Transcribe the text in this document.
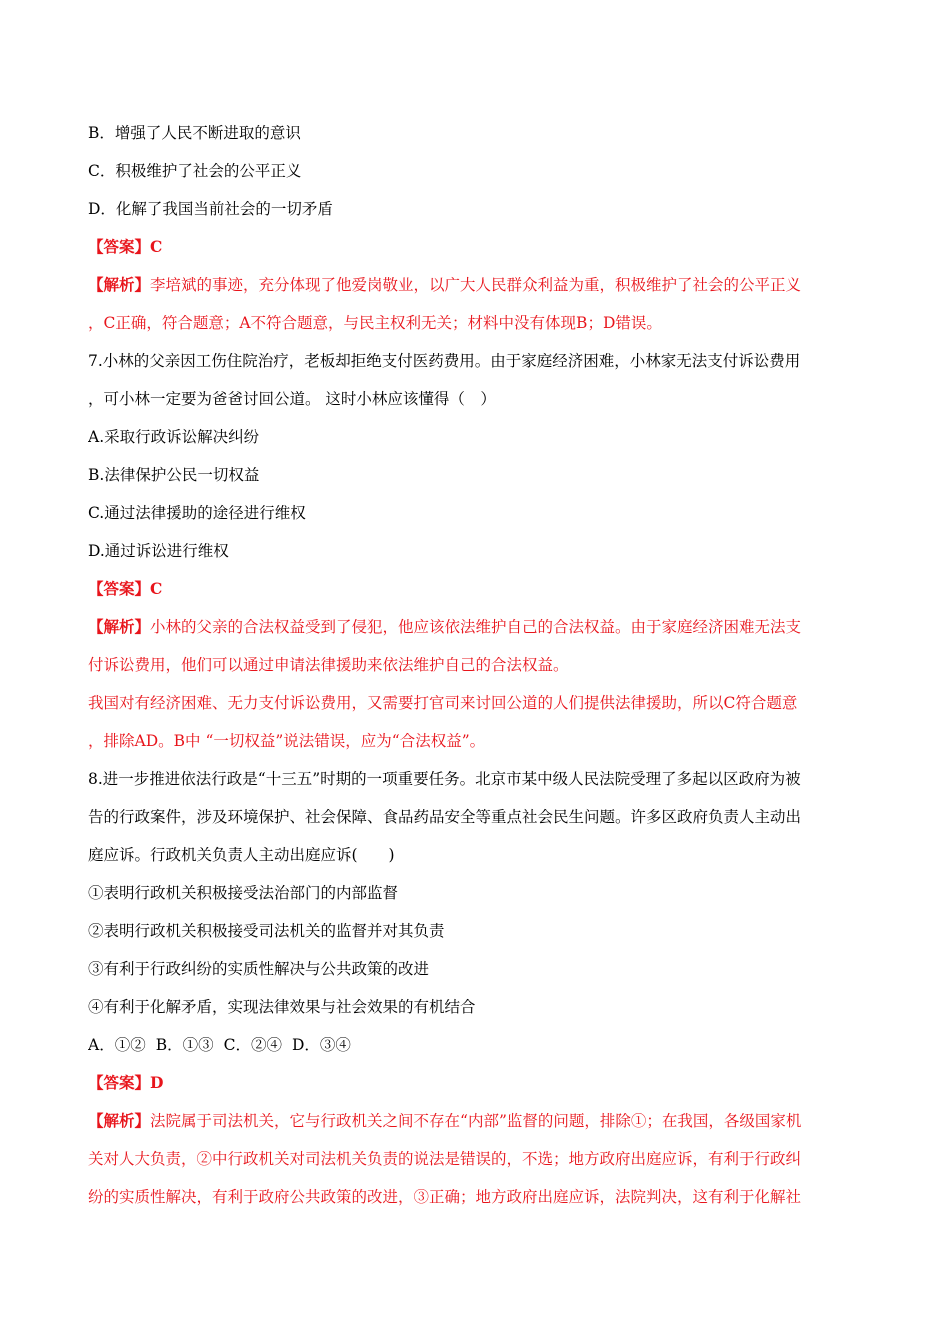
B．增强了人民不断进取的意识
C．积极维护了社会的公平正义
D．化解了我国当前社会的一切矛盾
【答案】C
【解析】李培斌的事迹，充分体现了他爱岗敬业，以广大人民群众利益为重，积极维护了社会的公平正义
，C正确，符合题意；A不符合题意，与民主权利无关；材料中没有体现B；D错误。
7.小林的父亲因工伤住院治疗，老板却拒绝支付医药费用。由于家庭经济困难，小林家无法支付诉讼费用
，可小林一定要为爸爸讨回公道。 这时小林应该懂得（　）
A.采取行政诉讼解决纠纷
B.法律保护公民一切权益
C.通过法律援助的途径进行维权
D.通过诉讼进行维权
【答案】C
【解析】小林的父亲的合法权益受到了侵犯，他应该依法维护自己的合法权益。由于家庭经济困难无法支
付诉讼费用，他们可以通过申请法律援助来依法维护自己的合法权益。
我国对有经济困难、无力支付诉讼费用，又需要打官司来讨回公道的人们提供法律援助，所以C符合题意
，排除AD。B中 “一切权益”说法错误，应为“合法权益”。
8.进一步推进依法行政是“十三五”时期的一项重要任务。北京市某中级人民法院受理了多起以区政府为被
告的行政案件，涉及环境保护、社会保障、食品药品安全等重点社会民生问题。许多区政府负责人主动出
庭应诉。行政机关负责人主动出庭应诉(　　)
①表明行政机关积极接受法治部门的内部监督
②表明行政机关积极接受司法机关的监督并对其负责
③有利于行政纠纷的实质性解决与公共政策的改进
④有利于化解矛盾，实现法律效果与社会效果的有机结合
A．①② B．①③ C．②④ D．③④
【答案】D
【解析】法院属于司法机关，它与行政机关之间不存在“内部”监督的问题，排除①；在我国，各级国家机
关对人大负责，②中行政机关对司法机关负责的说法是错误的，不选；地方政府出庭应诉，有利于行政纠
纷的实质性解决，有利于政府公共政策的改进，③正确；地方政府出庭应诉，法院判决，这有利于化解社
